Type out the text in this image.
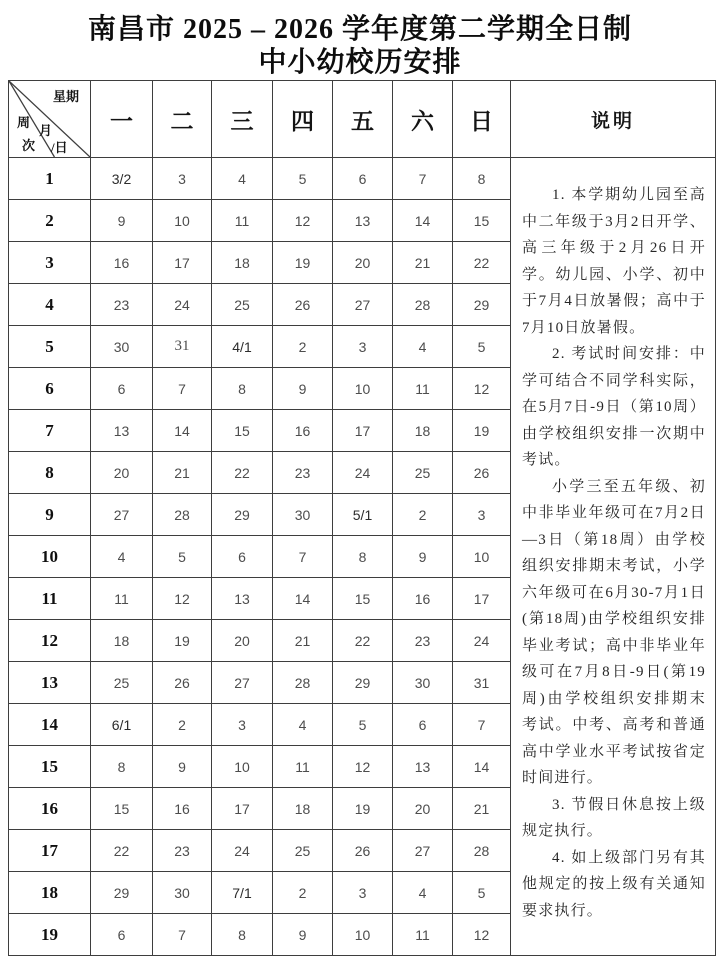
南昌市 2025 – 2026 学年度第二学期全日制
中小幼校历安排
星期
周
月
次 /日	一	二	三	四	五	六	日	说明
1	3/2	3	4	5	6	7	8	1. 本学期幼儿园至高中二年级于3月2日开学、高三年级于2月26日开学。幼儿园、小学、初中于7月4日放暑假；高中于7月10日放暑假。

2. 考试时间安排：中学可结合不同学科实际，在5月7日-9日（第10周）由学校组织安排一次期中考试。

小学三至五年级、初中非毕业年级可在7月2日—3日（第18周）由学校组织安排期末考试，小学六年级可在6月30-7月1日(第18周)由学校组织安排毕业考试；高中非毕业年级可在7月8日-9日(第19周)由学校组织安排期末考试。中考、高考和普通高中学业水平考试按省定时间进行。

3. 节假日休息按上级规定执行。

4. 如上级部门另有其他规定的按上级有关通知要求执行。

2	9	10	11	12	13	14	15	
3	16	17	18	19	20	21	22	
4	23	24	25	26	27	28	29	
5	30	31	4/1	2	3	4	5	
6	6	7	8	9	10	11	12	
7	13	14	15	16	17	18	19	
8	20	21	22	23	24	25	26	
9	27	28	29	30	5/1	2	3	
10	4	5	6	7	8	9	10	
11	11	12	13	14	15	16	17	
12	18	19	20	21	22	23	24	
13	25	26	27	28	29	30	31	
14	6/1	2	3	4	5	6	7	
15	8	9	10	11	12	13	14	
16	15	16	17	18	19	20	21	
17	22	23	24	25	26	27	28	
18	29	30	7/1	2	3	4	5	
19	6	7	8	9	10	11	12	
